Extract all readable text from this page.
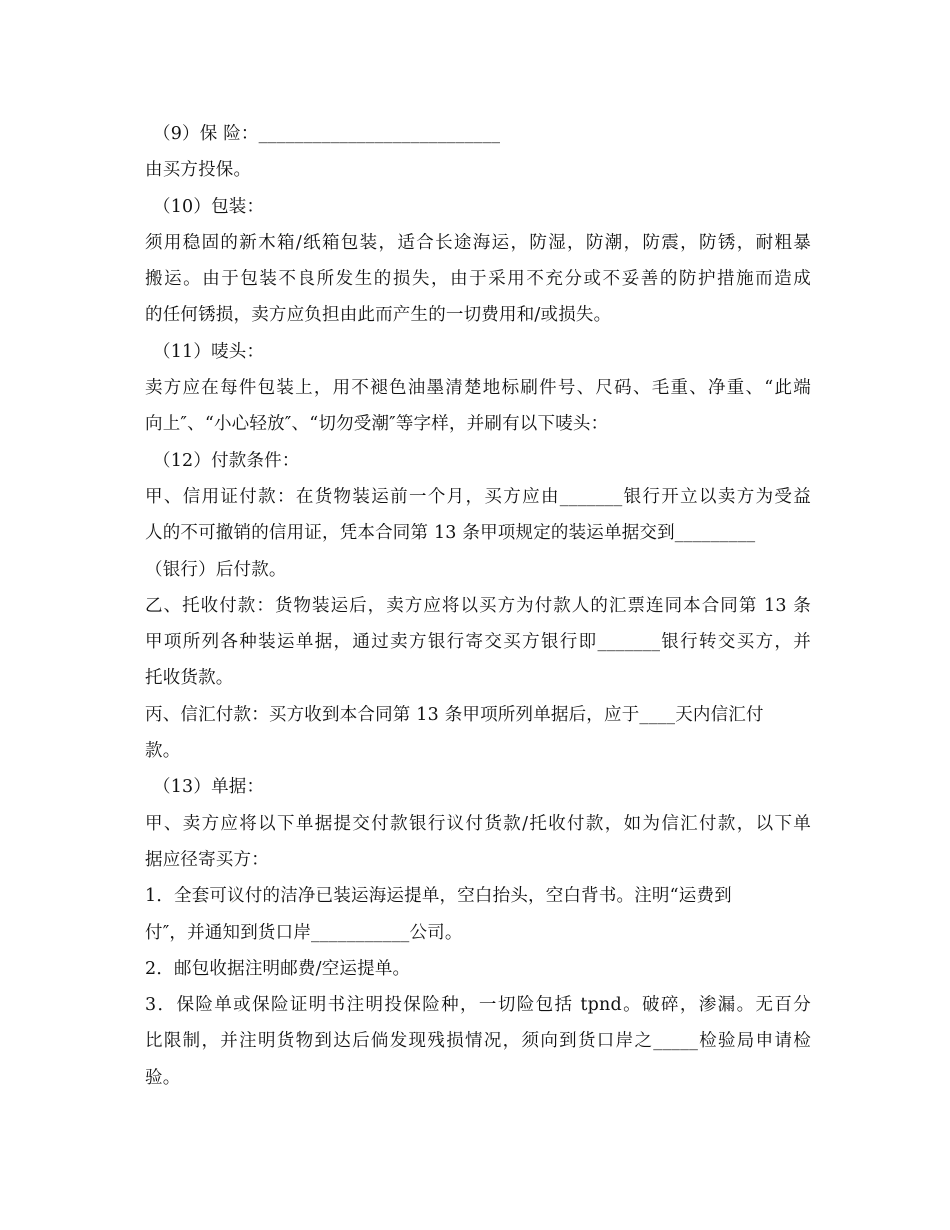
（9）保 险：___________________________
由买方投保。
（10）包装：
须用稳固的新木箱/纸箱包装，适合长途海运，防湿，防潮，防震，防锈，耐粗暴
搬运。由于包装不良所发生的损失，由于采用不充分或不妥善的防护措施而造成
的任何锈损，卖方应负担由此而产生的一切费用和/或损失。
（11）唛头：
卖方应在每件包装上，用不褪色油墨清楚地标刷件号、尺码、毛重、净重、“此端
向上″、“小心轻放″、“切勿受潮″等字样，并刷有以下唛头：
（12）付款条件：
甲、信用证付款：在货物装运前一个月，买方应由_______银行开立以卖方为受益
人的不可撤销的信用证，凭本合同第 13 条甲项规定的装运单据交到_________
（银行）后付款。
乙、托收付款：货物装运后，卖方应将以买方为付款人的汇票连同本合同第 13 条
甲项所列各种装运单据，通过卖方银行寄交买方银行即_______银行转交买方，并
托收货款。
丙、信汇付款：买方收到本合同第 13 条甲项所列单据后，应于____天内信汇付
款。
（13）单据：
甲、卖方应将以下单据提交付款银行议付货款/托收付款，如为信汇付款，以下单
据应径寄买方：
1．全套可议付的洁净已装运海运提单，空白抬头，空白背书。注明“运费到
付″，并通知到货口岸___________公司。
2．邮包收据注明邮费/空运提单。
3．保险单或保险证明书注明投保险种，一切险包括 tpnd。破碎，渗漏。无百分
比限制，并注明货物到达后倘发现残损情况，须向到货口岸之_____检验局申请检
验。
